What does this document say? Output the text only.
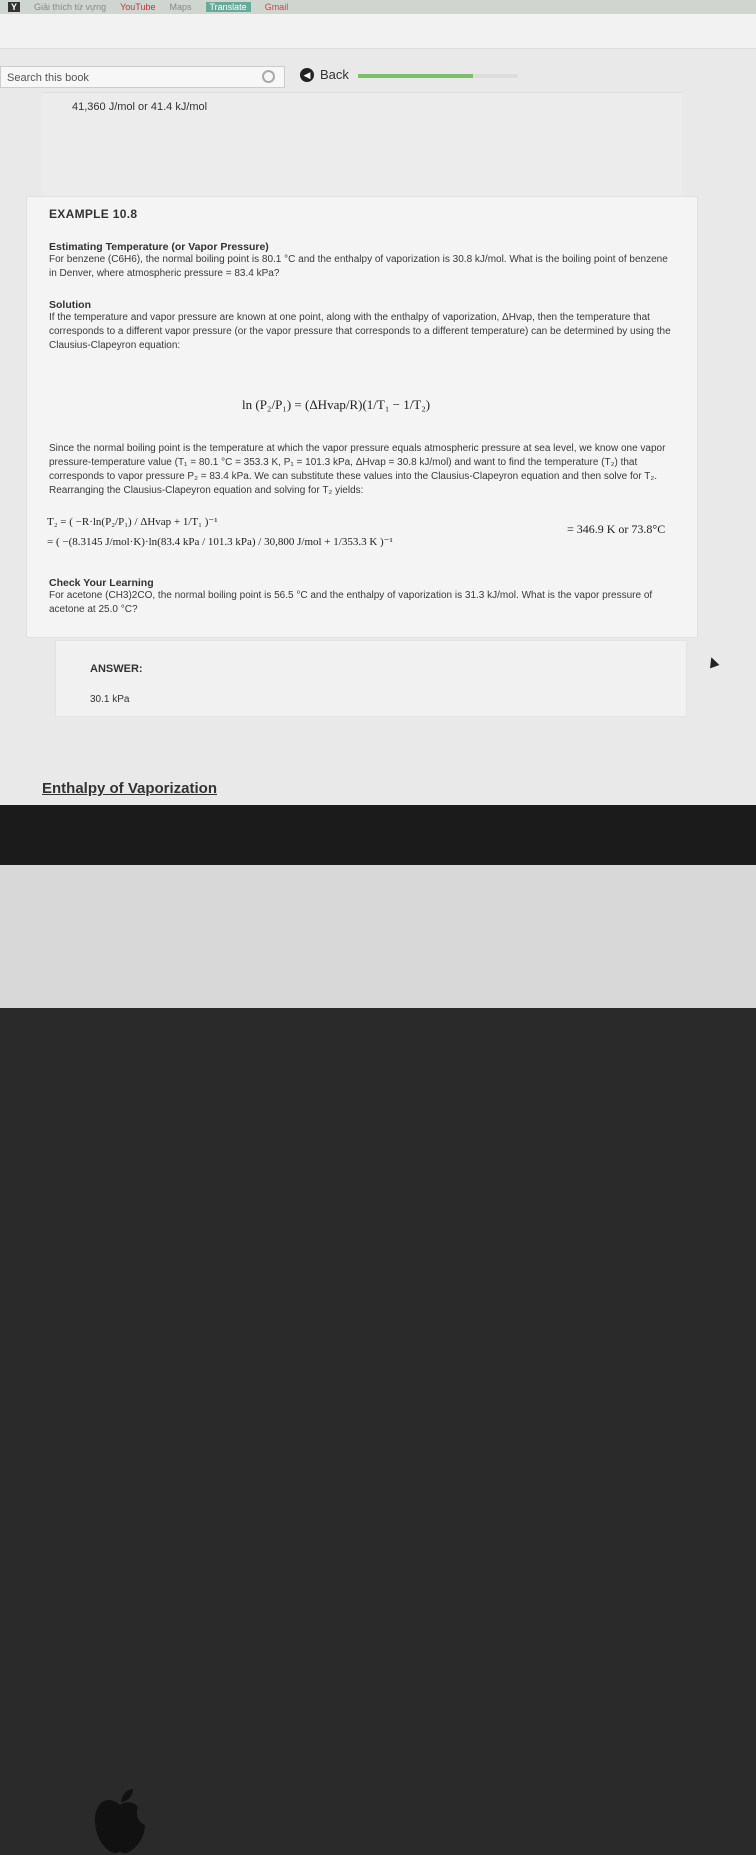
Y	Giải thích từ vựng YouTube Maps	Translate	Gmail
Search this book	◀ Back
41,360 J/mol or 41.4 kJ/mol
EXAMPLE 10.8
Estimating Temperature (or Vapor Pressure)
For benzene (C6H6), the normal boiling point is 80.1 °C and the enthalpy of vaporization is 30.8 kJ/mol. What is the boiling point of benzene in Denver, where atmospheric pressure = 83.4 kPa?
Solution
If the temperature and vapor pressure are known at one point, along with the enthalpy of vaporization, ΔHvap, then the temperature that corresponds to a different vapor pressure (or the vapor pressure that corresponds to a different temperature) can be determined by using the Clausius-Clapeyron equation:
ln (P₂/P₁) = (ΔHvap/R)(1/T₁ − 1/T₂)
Since the normal boiling point is the temperature at which the vapor pressure equals atmospheric pressure at sea level, we know one vapor pressure-temperature value (T₁ = 80.1 °C = 353.3 K, P₁ = 101.3 kPa, ΔHvap = 30.8 kJ/mol) and want to find the temperature (T₂) that corresponds to vapor pressure P₂ = 83.4 kPa. We can substitute these values into the Clausius-Clapeyron equation and then solve for T₂. Rearranging the Clausius-Clapeyron equation and solving for T₂ yields:
T₂ = ( −R·ln(P₂/P₁) / ΔHvap + 1/T₁ )⁻¹
= ( −(8.3145 J/mol·K)·ln(83.4 kPa / 101.3 kPa) / 30,800 J/mol + 1/353.3 K )⁻¹
= 346.9 K or 73.8°C
Check Your Learning
For acetone (CH3)2CO, the normal boiling point is 56.5 °C and the enthalpy of vaporization is 31.3 kJ/mol. What is the vapor pressure of acetone at 25.0 °C?
ANSWER:
30.1 kPa
Enthalpy of Vaporization
